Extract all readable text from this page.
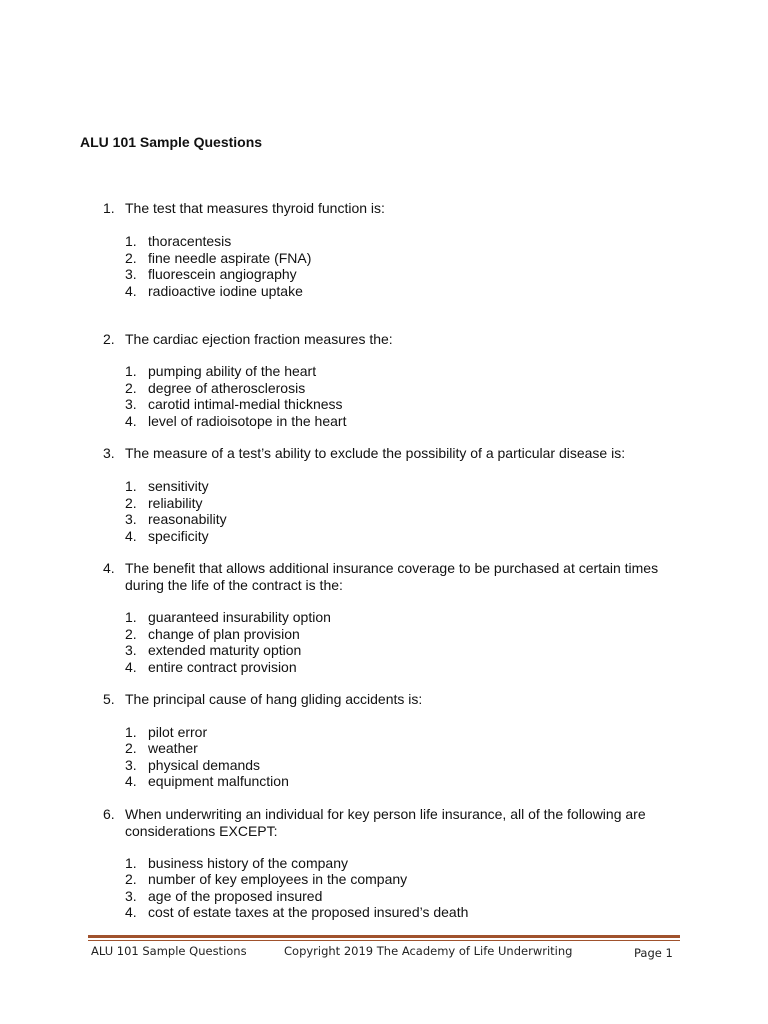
ALU 101 Sample Questions
1. The test that measures thyroid function is:
1. thoracentesis
2. fine needle aspirate (FNA)
3. fluorescein angiography
4. radioactive iodine uptake
2. The cardiac ejection fraction measures the:
1. pumping ability of the heart
2. degree of atherosclerosis
3. carotid intimal-medial thickness
4. level of radioisotope in the heart
3. The measure of a test’s ability to exclude the possibility of a particular disease is:
1. sensitivity
2. reliability
3. reasonability
4. specificity
4. The benefit that allows additional insurance coverage to be purchased at certain times during the life of the contract is the:
1. guaranteed insurability option
2. change of plan provision
3. extended maturity option
4. entire contract provision
5. The principal cause of hang gliding accidents is:
1. pilot error
2. weather
3. physical demands
4. equipment malfunction
6. When underwriting an individual for key person life insurance, all of the following are considerations EXCEPT:
1. business history of the company
2. number of key employees in the company
3. age of the proposed insured
4. cost of estate taxes at the proposed insured’s death
ALU 101 Sample Questions	Copyright 2019 The Academy of Life Underwriting	Page 1
